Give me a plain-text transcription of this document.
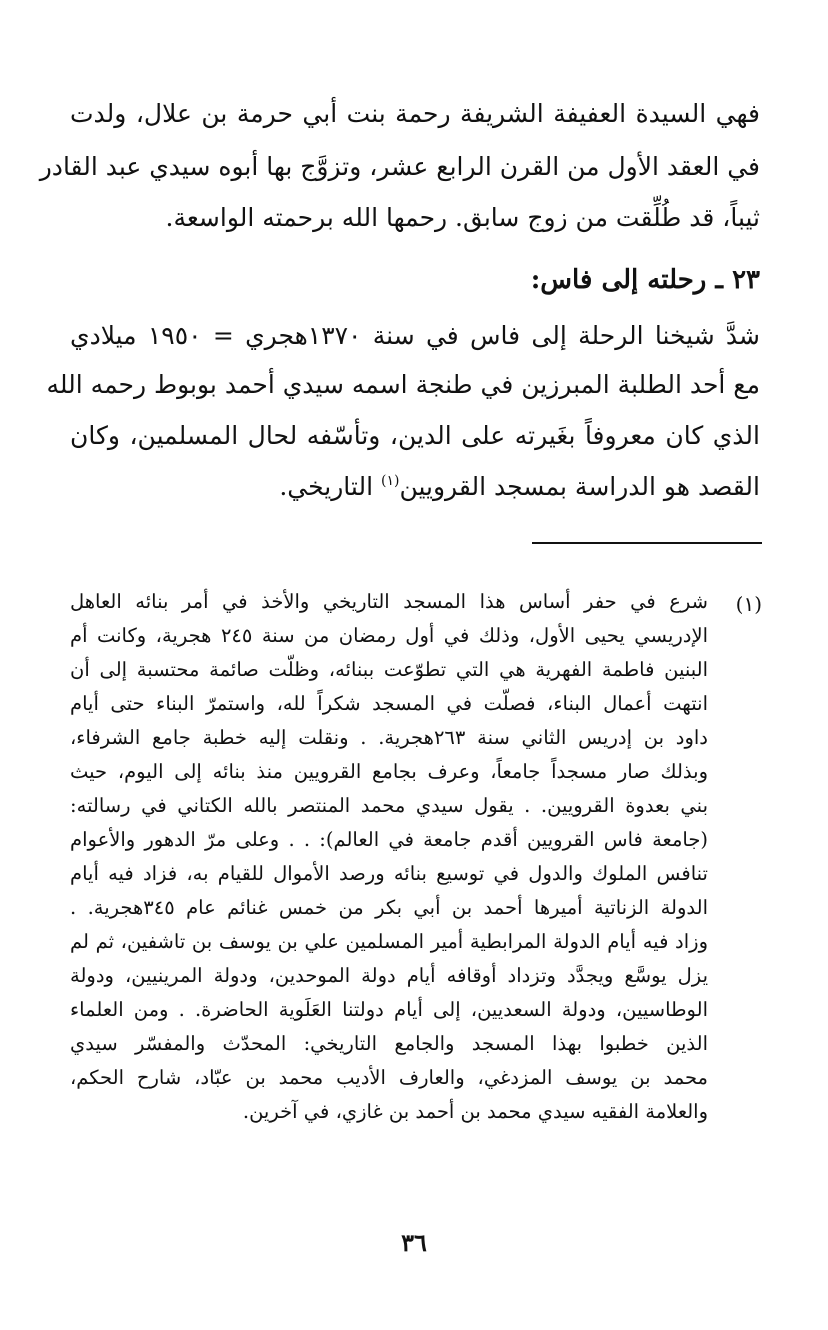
فهي السيدة العفيفة الشريفة رحمة بنت أبي حرمة بن علال، ولدت
في العقد الأول من القرن الرابع عشر، وتزوَّج بها أبوه سيدي عبد القادر
ثيباً، قد طُلِّقت من زوج سابق. رحمها الله برحمته الواسعة.
٢٣ ـ رحلته إلى فاس:
شدَّ شيخنا الرحلة إلى فاس في سنة ١٣٧٠هجري = ١٩٥٠ ميلادي
مع أحد الطلبة المبرزين في طنجة اسمه سيدي أحمد بوبوط رحمه الله
الذي كان معروفاً بغَيرته على الدين، وتأسّفه لحال المسلمين، وكان
القصد هو الدراسة بمسجد القرويين$^{(١)}$ التاريخي.
(١)
شرع في حفر أساس هذا المسجد التاريخي والأخذ في أمر بنائه العاهل
الإدريسي يحيى الأول، وذلك في أول رمضان من سنة ٢٤٥ هجرية، وكانت أم
البنين فاطمة الفهرية هي التي تطوّعت ببنائه، وظلّت صائمة محتسبة إلى أن
انتهت أعمال البناء، فصلّت في المسجد شكراً لله، واستمرّ البناء حتى أيام
داود بن إدريس الثاني سنة ٢٦٣هجرية. . ونقلت إليه خطبة جامع الشرفاء،
وبذلك صار مسجداً جامعاً، وعرف بجامع القرويين منذ بنائه إلى اليوم، حيث
بني بعدوة القرويين. . يقول سيدي محمد المنتصر بالله الكتاني في رسالته:
(جامعة فاس القرويين أقدم جامعة في العالم): . . وعلى مرّ الدهور والأعوام
تنافس الملوك والدول في توسيع بنائه ورصد الأموال للقيام به، فزاد فيه أيام
الدولة الزناتية أميرها أحمد بن أبي بكر من خمس غنائم عام ٣٤٥هجرية. .
وزاد فيه أيام الدولة المرابطية أمير المسلمين علي بن يوسف بن تاشفين، ثم لم
يزل يوسَّع ويجدَّد وتزداد أوقافه أيام دولة الموحدين، ودولة المرينيين، ودولة
الوطاسيين، ودولة السعديين، إلى أيام دولتنا العَلَوية الحاضرة. . ومن العلماء
الذين خطبوا بهذا المسجد والجامع التاريخي: المحدّث والمفسّر سيدي
محمد بن يوسف المزدغي، والعارف الأديب محمد بن عبّاد، شارح الحكم،
والعلامة الفقيه سيدي محمد بن أحمد بن غازي، في آخرين.
٣٦
